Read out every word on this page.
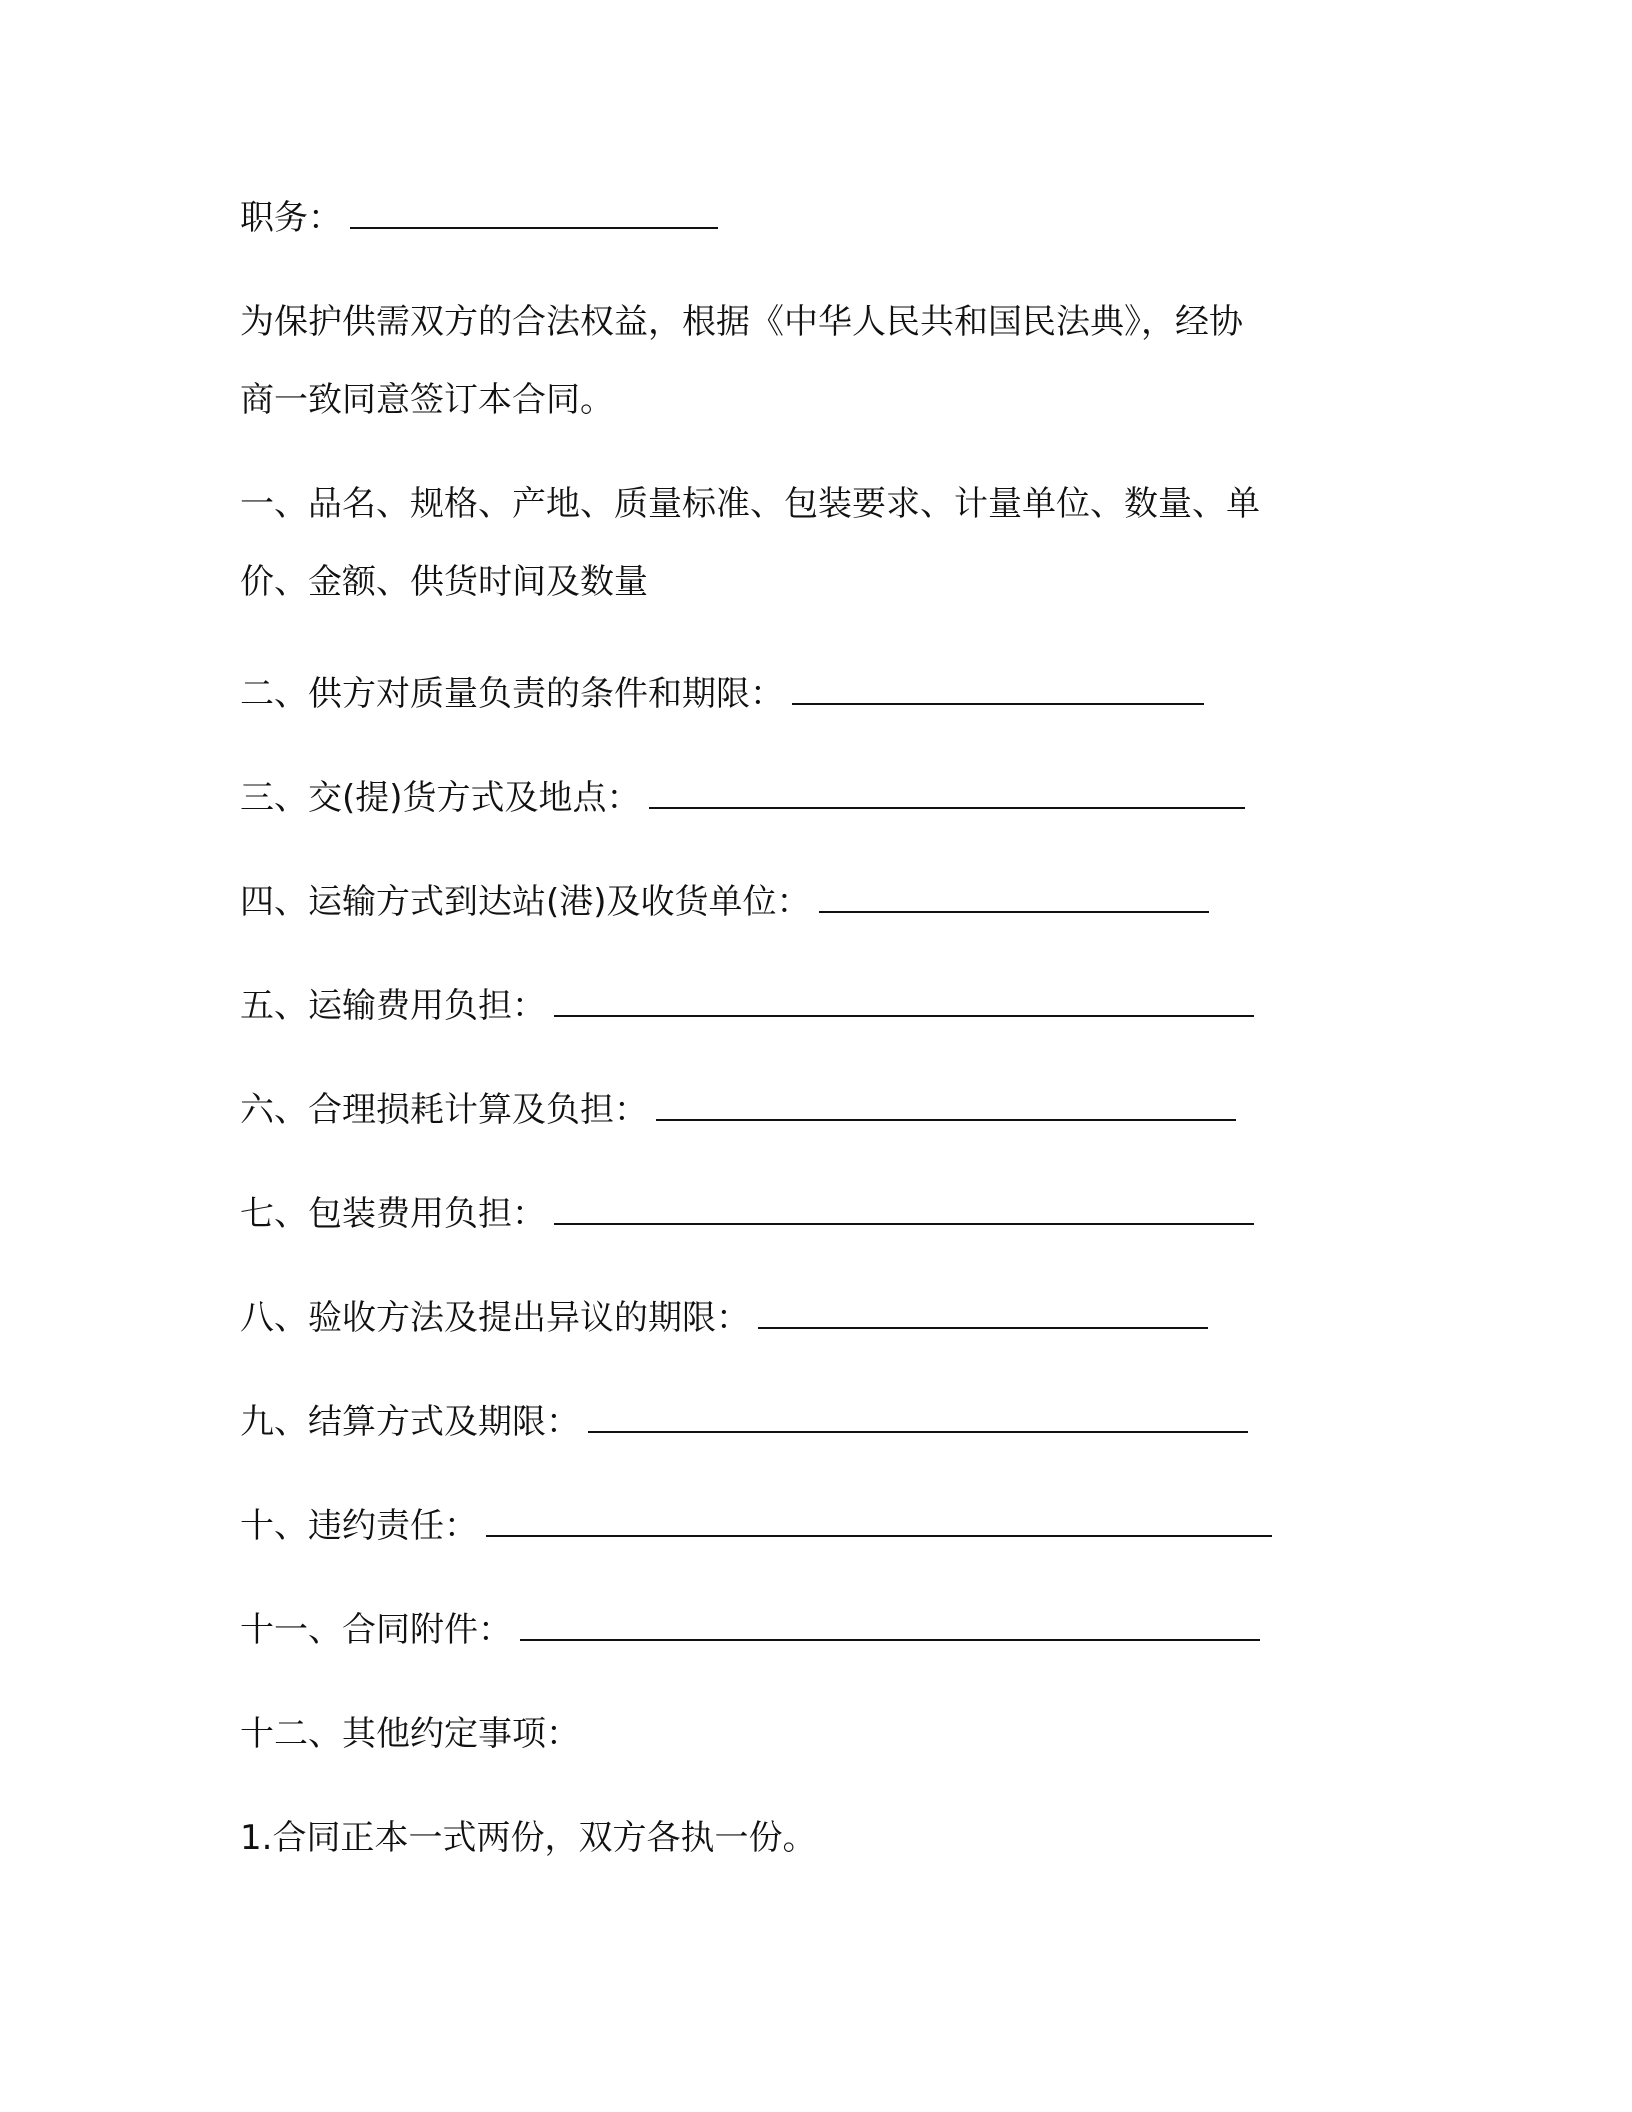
职务：

为保护供需双方的合法权益，根据《中华人民共和国民法典》，经协

商一致同意签订本合同。

一、品名、规格、产地、质量标准、包装要求、计量单位、数量、单

价、金额、供货时间及数量

二、供方对质量负责的条件和期限：

三、交(提)货方式及地点：

四、运输方式到达站(港)及收货单位：

五、运输费用负担：

六、合理损耗计算及负担：

七、包装费用负担：

八、验收方法及提出异议的期限：

九、结算方式及期限：

十、违约责任：

十一、合同附件：

十二、其他约定事项：

1.合同正本一式两份，双方各执一份。
